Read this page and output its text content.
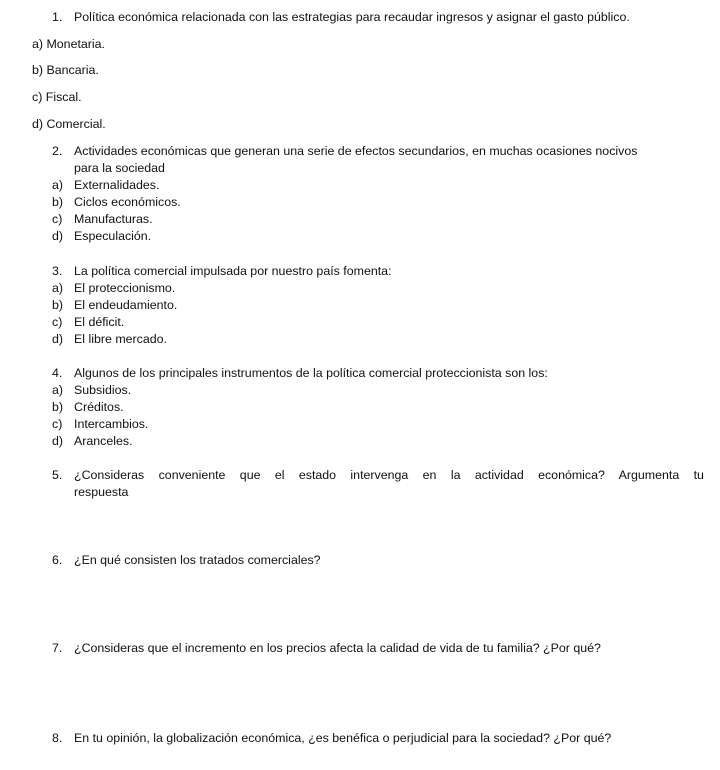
1. Política económica relacionada con las estrategias para recaudar ingresos y asignar el gasto público.
a) Monetaria.
b) Bancaria.
c) Fiscal.
d) Comercial.
2. Actividades económicas que generan una serie de efectos secundarios, en muchas ocasiones nocivos
para la sociedad
a) Externalidades.
b) Ciclos económicos.
c) Manufacturas.
d) Especulación.
3. La política comercial impulsada por nuestro país fomenta:
a) El proteccionismo.
b) El endeudamiento.
c) El déficit.
d) El libre mercado.
4. Algunos de los principales instrumentos de la política comercial proteccionista son los:
a) Subsidios.
b) Créditos.
c) Intercambios.
d) Aranceles.
5. ¿Consideras conveniente que el estado intervenga en la actividad económica? Argumenta tu
respuesta
6. ¿En qué consisten los tratados comerciales?
7. ¿Consideras que el incremento en los precios afecta la calidad de vida de tu familia? ¿Por qué?
8. En tu opinión, la globalización económica, ¿es benéfica o perjudicial para la sociedad? ¿Por qué?
